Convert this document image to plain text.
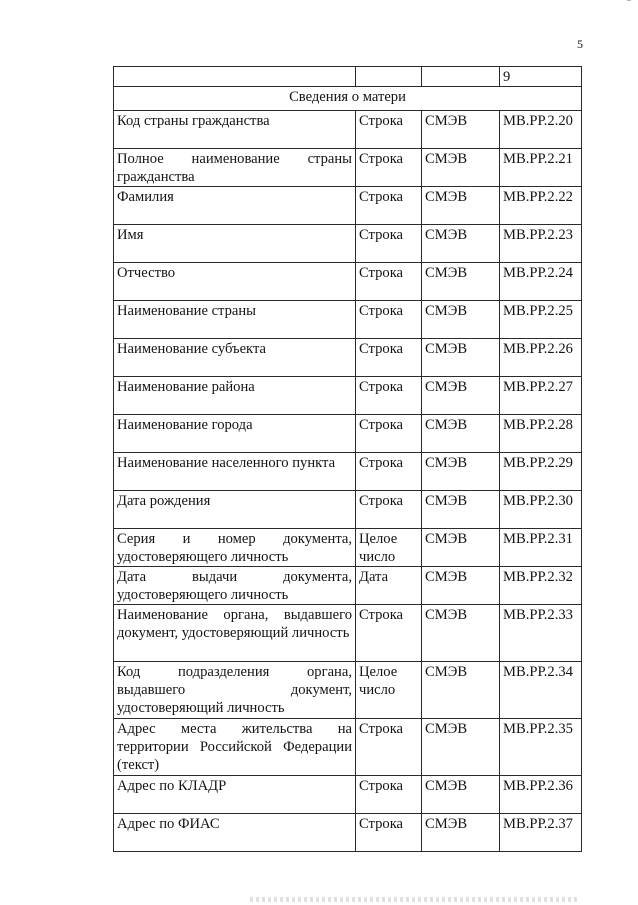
5
			9
Сведения о матери			
Код страны гражданства	Строка	СМЭВ	МВ.РР.2.20
Полное наименование страны гражданства	Строка	СМЭВ	МВ.РР.2.21
Фамилия	Строка	СМЭВ	МВ.РР.2.22
Имя	Строка	СМЭВ	МВ.РР.2.23
Отчество	Строка	СМЭВ	МВ.РР.2.24
Наименование страны	Строка	СМЭВ	МВ.РР.2.25
Наименование субъекта	Строка	СМЭВ	МВ.РР.2.26
Наименование района	Строка	СМЭВ	МВ.РР.2.27
Наименование города	Строка	СМЭВ	МВ.РР.2.28
Наименование населенного пункта	Строка	СМЭВ	МВ.РР.2.29
Дата рождения	Строка	СМЭВ	МВ.РР.2.30
Серия и номер документа, удостоверяющего личность	Целое число	СМЭВ	МВ.РР.2.31
Дата выдачи документа, удостоверяющего личность	Дата	СМЭВ	МВ.РР.2.32
Наименование органа, выдавшего документ, удостоверяющий личность	Строка	СМЭВ	МВ.РР.2.33
Код подразделения органа, выдавшего документ, удостоверяющий личность	Целое число	СМЭВ	МВ.РР.2.34
Адрес места жительства на территории Российской Федерации (текст)	Строка	СМЭВ	МВ.РР.2.35
Адрес по КЛАДР	Строка	СМЭВ	МВ.РР.2.36
Адрес по ФИАС	Строка	СМЭВ	МВ.РР.2.37
